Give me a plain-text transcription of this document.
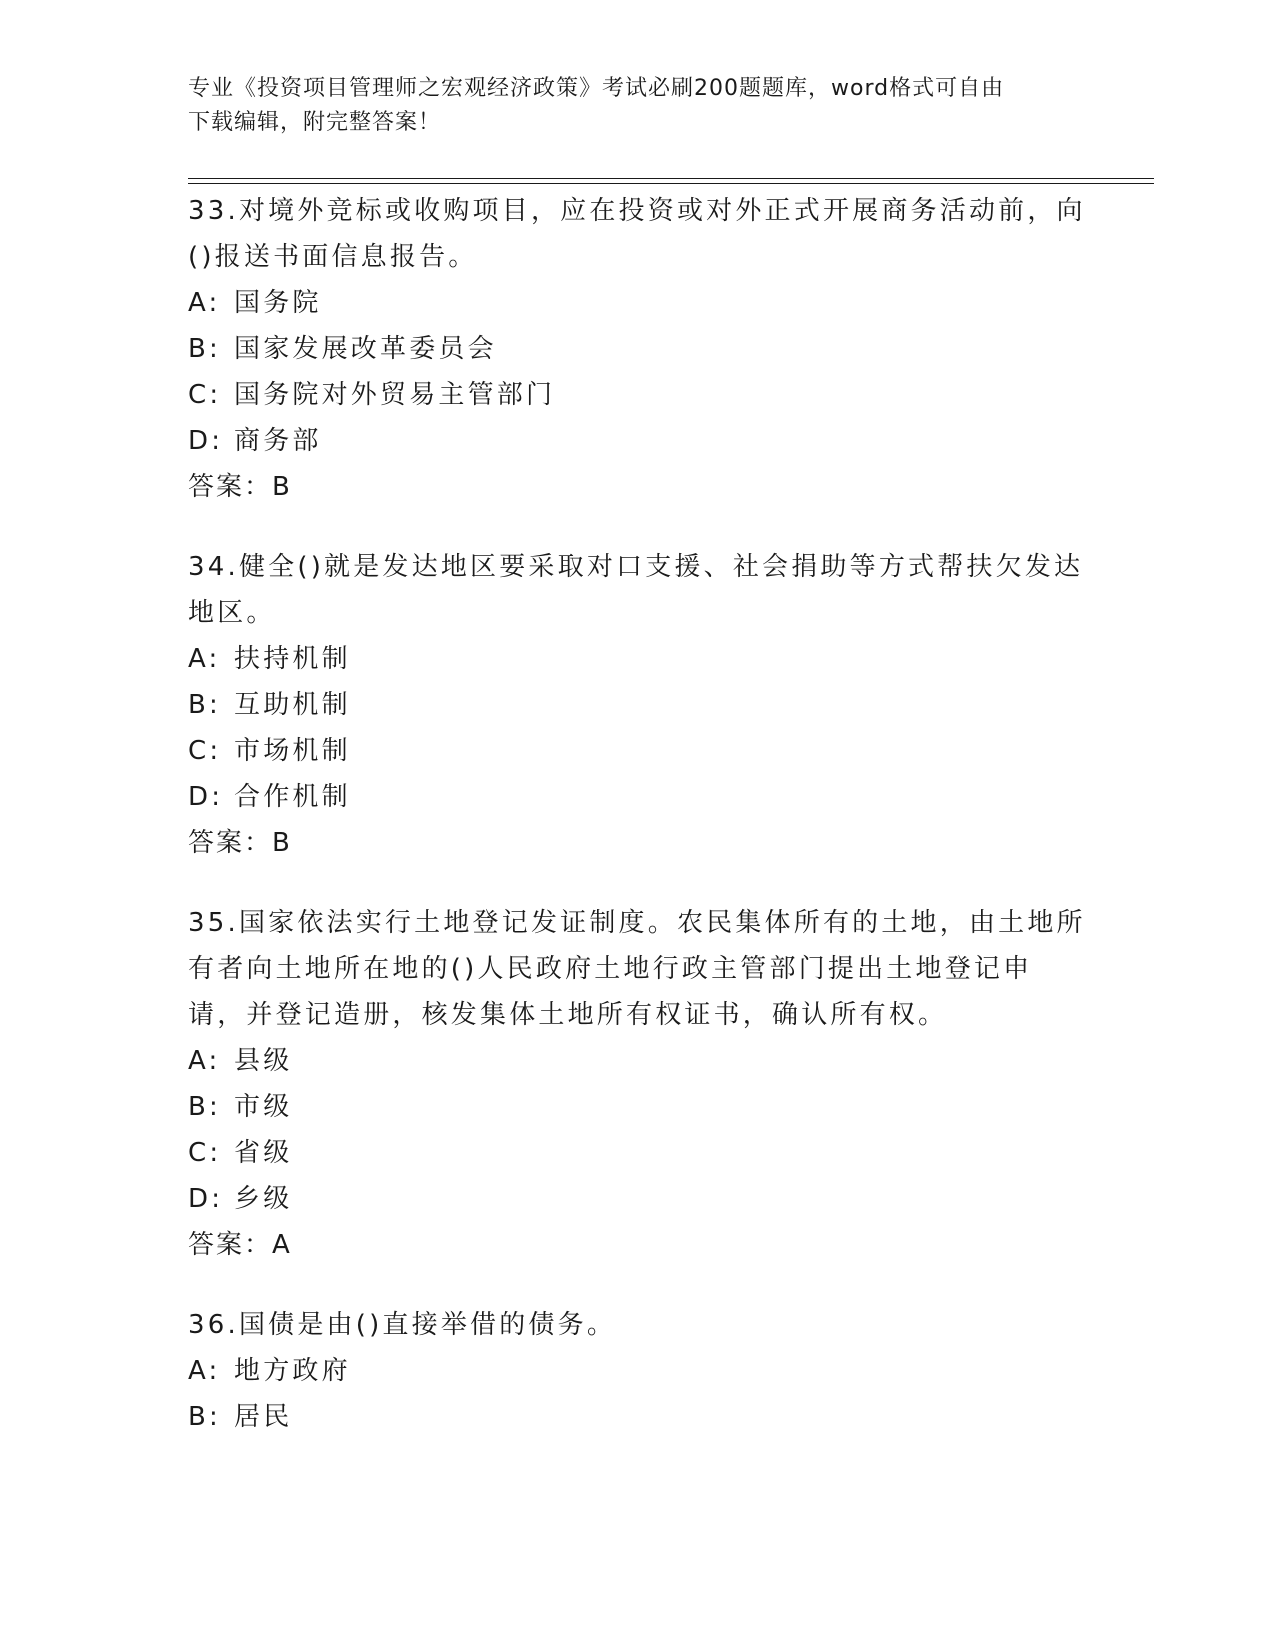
专业《投资项目管理师之宏观经济政策》考试必刷200题题库，word格式可自由
下载编辑，附完整答案！

33.对境外竞标或收购项目，应在投资或对外正式开展商务活动前，向()报送书面信息报告。

A: 国务院
B: 国家发展改革委员会
C: 国务院对外贸易主管部门
D: 商务部
答案：B

34.健全()就是发达地区要采取对口支援、社会捐助等方式帮扶欠发达地区。

A: 扶持机制
B: 互助机制
C: 市场机制
D: 合作机制
答案：B

35.国家依法实行土地登记发证制度。农民集体所有的土地，由土地所有者向土地所在地的()人民政府土地行政主管部门提出土地登记申请，并登记造册，核发集体土地所有权证书，确认所有权。

A: 县级
B: 市级
C: 省级
D: 乡级
答案：A

36.国债是由()直接举借的债务。

A: 地方政府
B: 居民
